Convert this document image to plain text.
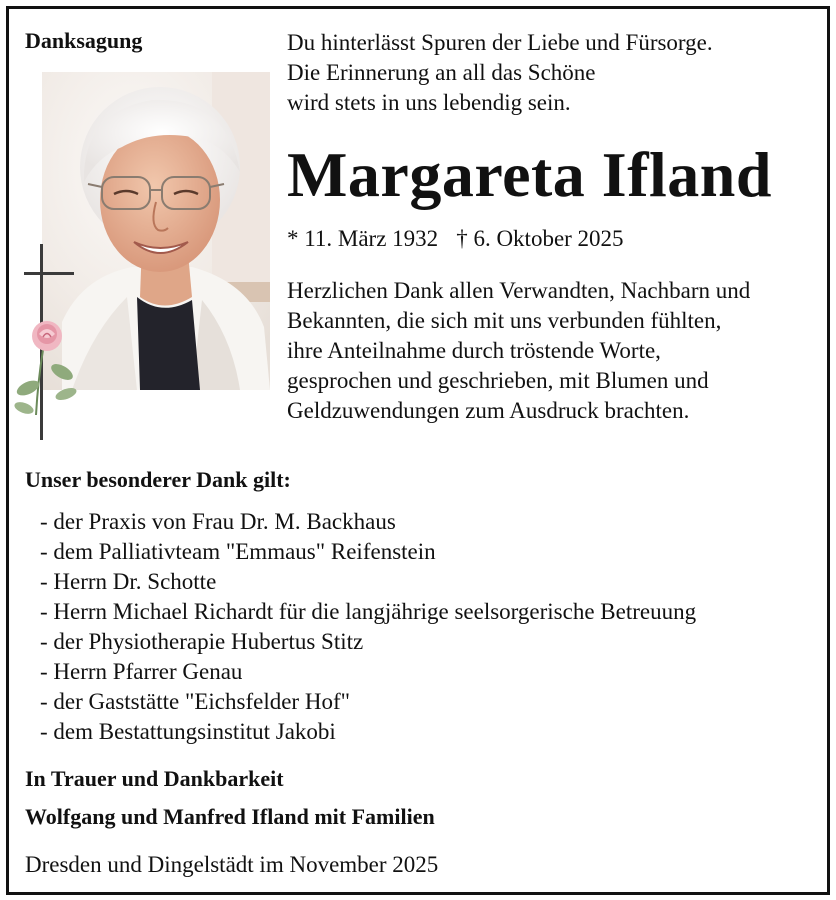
Danksagung	Du hinterlässt Spuren der Liebe und Fürsorge.
Die Erinnerung an all das Schöne
wird stets in uns lebendig sein.
Margareta Ifland
* 11. März 1932 † 6. Oktober 2025
Herzlichen Dank allen Verwandten, Nachbarn und
Bekannten, die sich mit uns verbunden fühlten,
ihre Anteilnahme durch tröstende Worte,
gesprochen und geschrieben, mit Blumen und
Geldzuwendungen zum Ausdruck brachten.
Unser besonderer Dank gilt:
- der Praxis von Frau Dr. M. Backhaus
- dem Palliativteam "Emmaus" Reifenstein
- Herrn Dr. Schotte
- Herrn Michael Richardt für die langjährige seelsorgerische Betreuung
- der Physiotherapie Hubertus Stitz
- Herrn Pfarrer Genau
- der Gaststätte "Eichsfelder Hof"
- dem Bestattungsinstitut Jakobi
In Trauer und Dankbarkeit
Wolfgang und Manfred Ifland mit Familien
Dresden und Dingelstädt im November 2025
